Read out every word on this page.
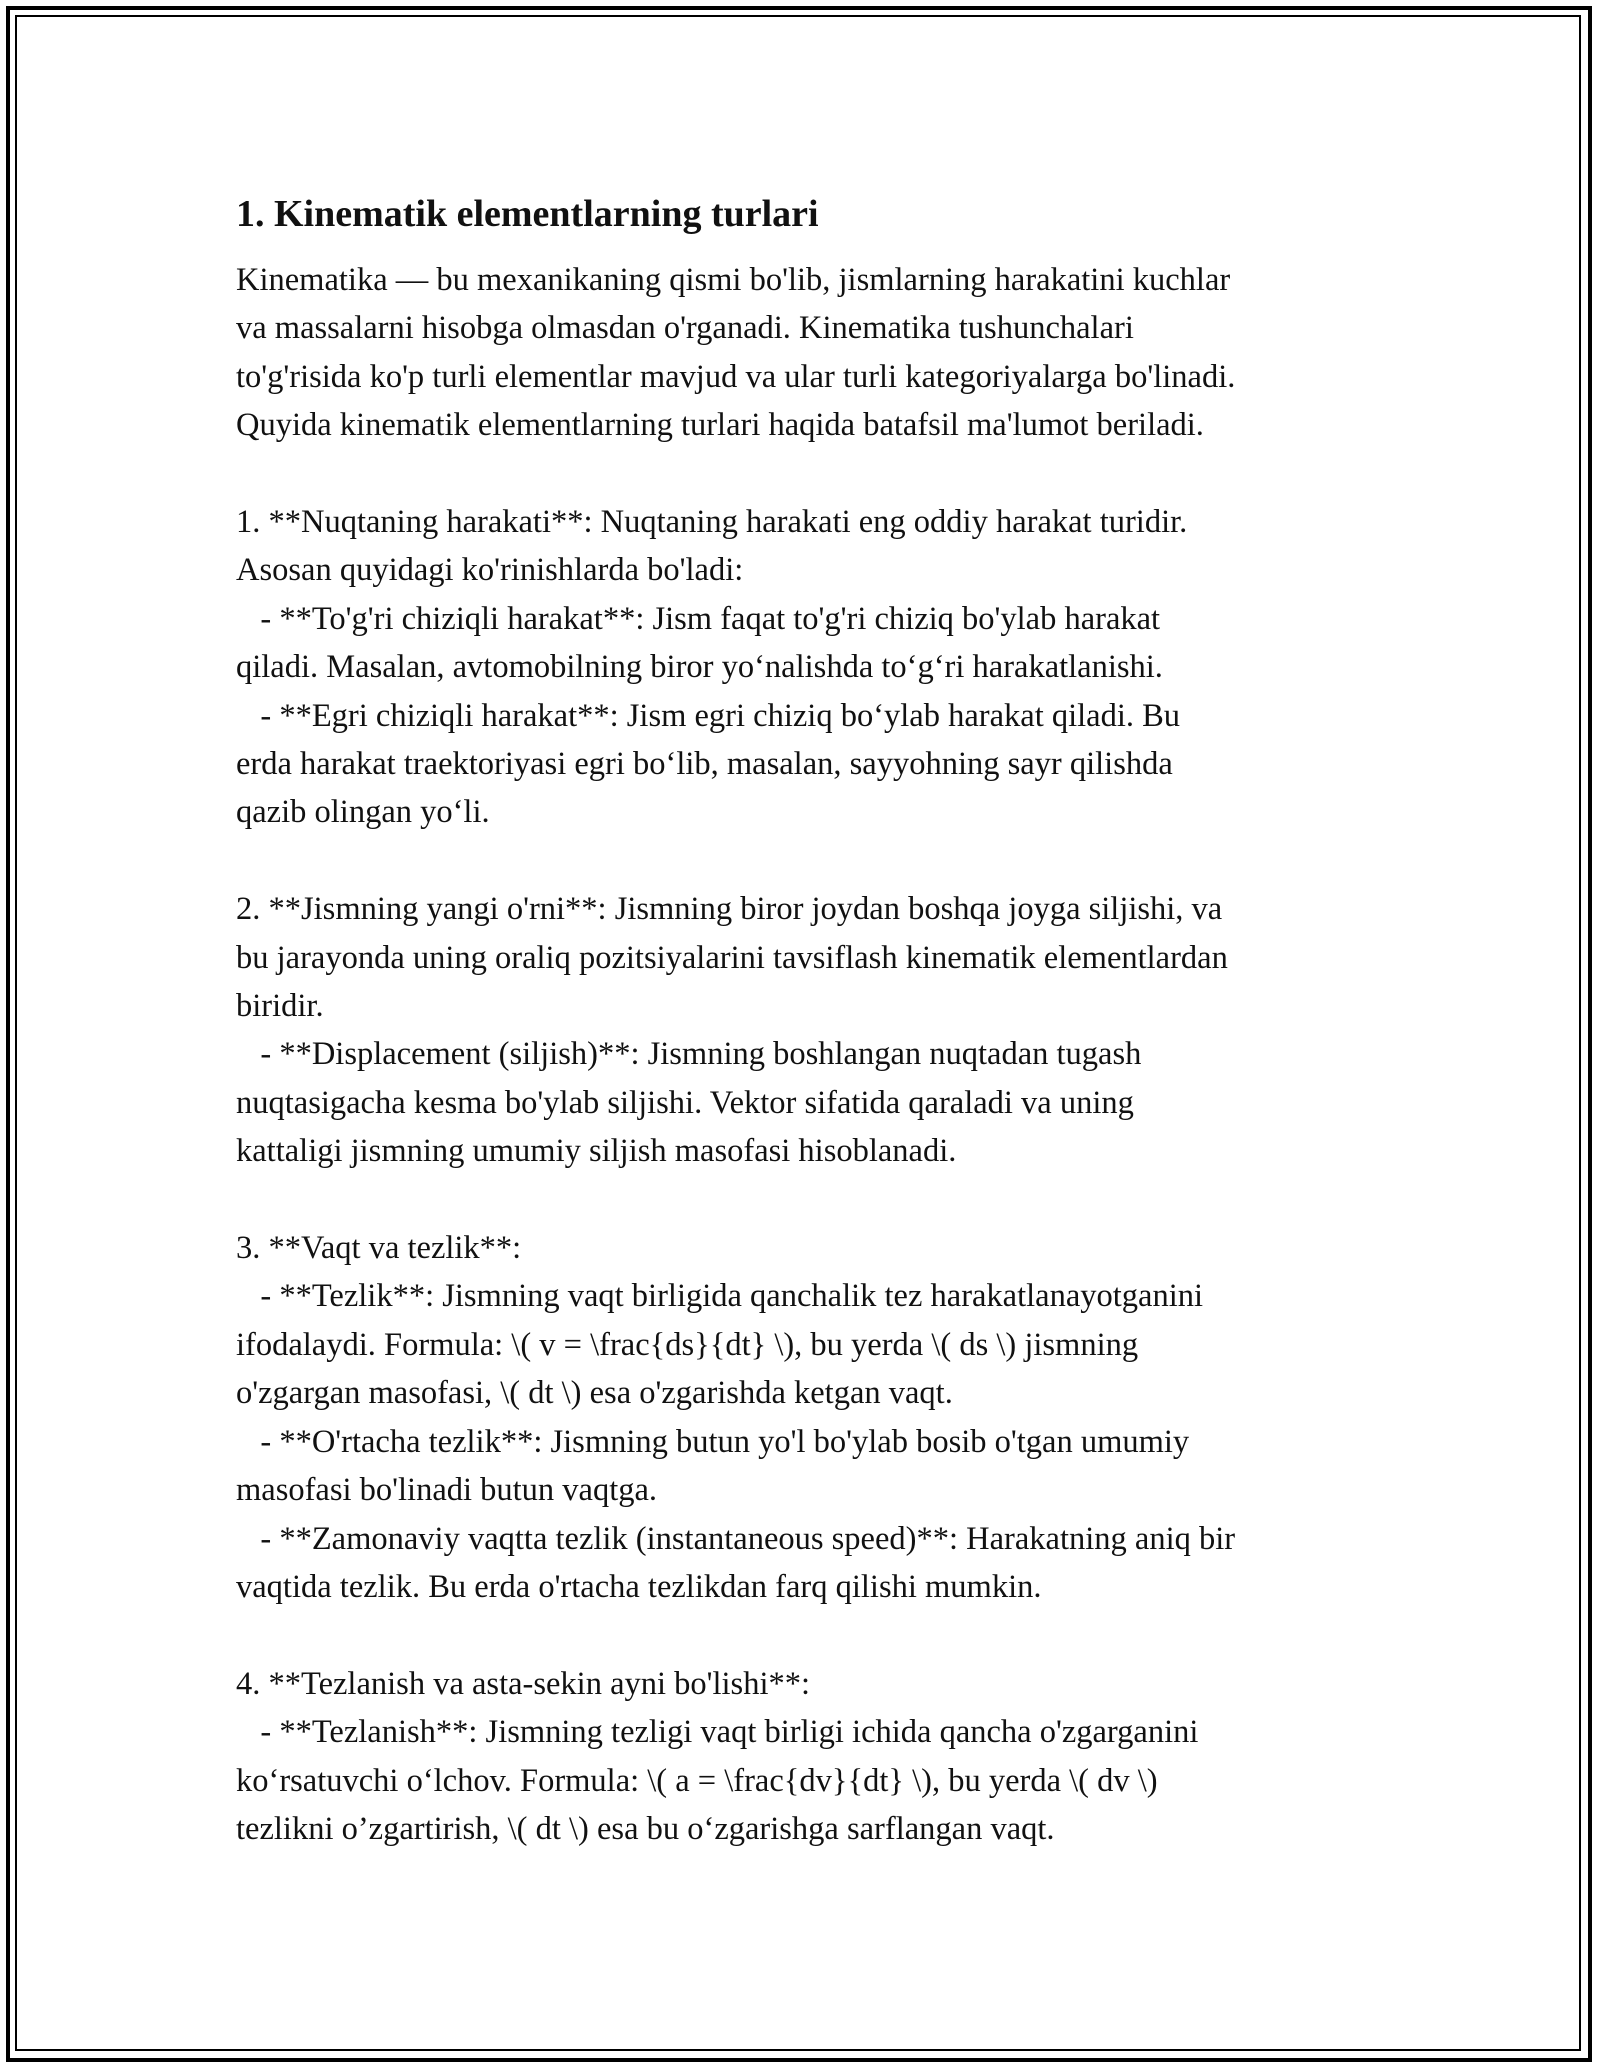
1. Kinematik elementlarning turlari

Kinematika — bu mexanikaning qismi bo'lib, jismlarning harakatini kuchlar
va massalarni hisobga olmasdan o'rganadi. Kinematika tushunchalari
to'g'risida ko'p turli elementlar mavjud va ular turli kategoriyalarga bo'linadi.
Quyida kinematik elementlarning turlari haqida batafsil ma'lumot beriladi.

1. **Nuqtaning harakati**: Nuqtaning harakati eng oddiy harakat turidir.
Asosan quyidagi ko'rinishlarda bo'ladi:
- **To'g'ri chiziqli harakat**: Jism faqat to'g'ri chiziq bo'ylab harakat
qiladi. Masalan, avtomobilning biror yo‘nalishda to‘g‘ri harakatlanishi.
- **Egri chiziqli harakat**: Jism egri chiziq bo‘ylab harakat qiladi. Bu
erda harakat traektoriyasi egri bo‘lib, masalan, sayyohning sayr qilishda
qazib olingan yo‘li.

2. **Jismning yangi o'rni**: Jismning biror joydan boshqa joyga siljishi, va
bu jarayonda uning oraliq pozitsiyalarini tavsiflash kinematik elementlardan
biridir.
- **Displacement (siljish)**: Jismning boshlangan nuqtadan tugash
nuqtasigacha kesma bo'ylab siljishi. Vektor sifatida qaraladi va uning
kattaligi jismning umumiy siljish masofasi hisoblanadi.

3. **Vaqt va tezlik**:
- **Tezlik**: Jismning vaqt birligida qanchalik tez harakatlanayotganini
ifodalaydi. Formula: \( v = \frac{ds}{dt} \), bu yerda \( ds \) jismning
o'zgargan masofasi, \( dt \) esa o'zgarishda ketgan vaqt.
- **O'rtacha tezlik**: Jismning butun yo'l bo'ylab bosib o'tgan umumiy
masofasi bo'linadi butun vaqtga.
- **Zamonaviy vaqtta tezlik (instantaneous speed)**: Harakatning aniq bir
vaqtida tezlik. Bu erda o'rtacha tezlikdan farq qilishi mumkin.

4. **Tezlanish va asta-sekin ayni bo'lishi**:
- **Tezlanish**: Jismning tezligi vaqt birligi ichida qancha o'zgarganini
ko‘rsatuvchi o‘lchov. Formula: \( a = \frac{dv}{dt} \), bu yerda \( dv \)
tezlikni o’zgartirish, \( dt \) esa bu o‘zgarishga sarflangan vaqt.
